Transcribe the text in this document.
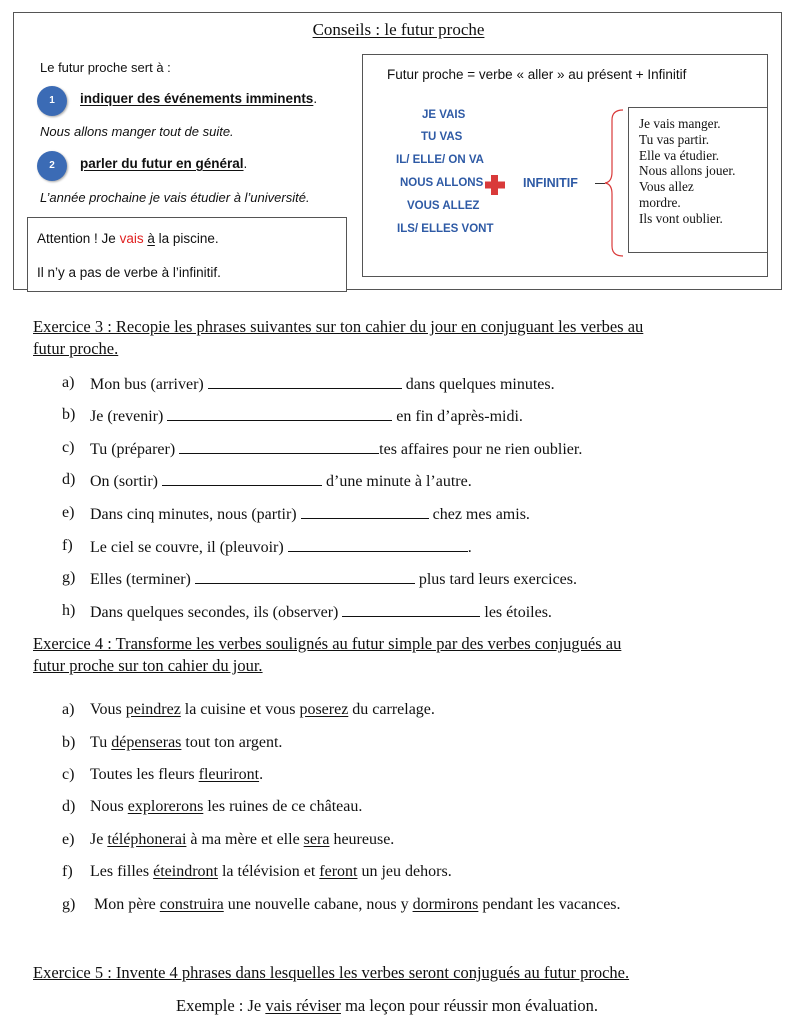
Conseils : le futur proche
Le futur proche sert à :
1	indiquer des événements imminents.
Nous allons manger tout de suite.
2	parler du futur en général.
L’année prochaine je vais étudier à l’université.
Attention ! Je vais à la piscine.
Il n’y a pas de verbe à l’infinitif.
Futur proche = verbe « aller » au présent + Infinitif
JE VAIS
TU VAS
IL/ ELLE/ ON VA
NOUS ALLONS
VOUS ALLEZ
ILS/ ELLES VONT
INFINITIF
Je vais manger.
Tu vas partir.
Elle va étudier.
Nous allons jouer.
Vous allez
mordre.
Ils vont oublier.
Exercice 3 : Recopie les phrases suivantes sur ton cahier du jour en conjuguant les verbes au
futur proche.
a) Mon bus (arriver)	dans quelques minutes.
b) Je (revenir)	en fin d’après-midi.
c) Tu (préparer)	tes affaires pour ne rien oublier.
d) On (sortir)	d’une minute à l’autre.
e) Dans cinq minutes, nous (partir)	chez mes amis.
f) Le ciel se couvre, il (pleuvoir)	.
g) Elles (terminer)	plus tard leurs exercices.
h) Dans quelques secondes, ils (observer)	les étoiles.
Exercice 4 : Transforme les verbes soulignés au futur simple par des verbes conjugués au
futur proche sur ton cahier du jour.
a) Vous peindrez la cuisine et vous poserez du carrelage.
b) Tu dépenseras tout ton argent.
c) Toutes les fleurs fleuriront.
d) Nous explorerons les ruines de ce château.
e) Je téléphonerai à ma mère et elle sera heureuse.
f) Les filles éteindront la télévision et feront un jeu dehors.
g) Mon père construira une nouvelle cabane, nous y dormirons pendant les vacances.
Exercice 5 : Invente 4 phrases dans lesquelles les verbes seront conjugués au futur proche.
Exemple : Je vais réviser ma leçon pour réussir mon évaluation.
